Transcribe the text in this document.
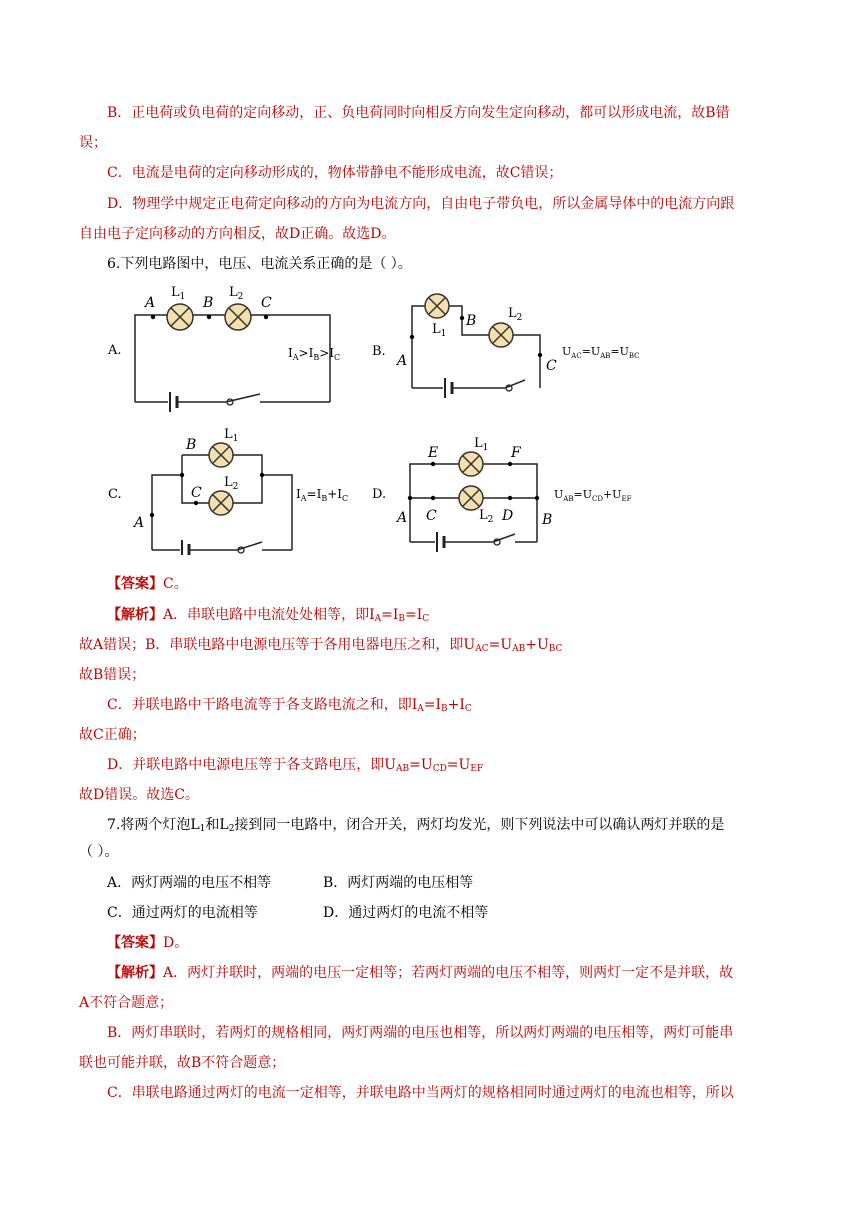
B．正电荷或负电荷的定向移动，正、负电荷同时向相反方向发生定向移动，都可以形成电流，故B错
误；
C．电流是电荷的定向移动形成的，物体带静电不能形成电流，故C错误；
D．物理学中规定正电荷定向移动的方向为电流方向，自由电子带负电，所以金属导体中的电流方向跟
自由电子定向移动的方向相反，故D正确。故选D。
6.下列电路图中，电压、电流关系正确的是（ ）。
A	B	C
$L_1$	$L_2$
A.	$I_A>I_B>I_C$
B
A	C
$L_1$
$L_2$
B.	$U_{AC}=U_{AB}=U_{BC}$
B
C
A
$L_1$
$L_2$
C.	$I_A=I_B+I_C$
E	F
A C	D B
$L_1$
$L_2$
D.	$U_{AB}=U_{CD}+U_{EF}$
【答案】C。
【解析】A．串联电路中电流处处相等，即$I_A=I_B=I_C$
故A错误；B．串联电路中电源电压等于各用电器电压之和，即$U_{AC}=U_{AB}+U_{BC}$
故B错误；
C．并联电路中干路电流等于各支路电流之和，即$I_A=I_B+I_C$
故C正确；
D．并联电路中电源电压等于各支路电压，即$U_{AB}=U_{CD}=U_{EF}$
故D错误。故选C。
7.将两个灯泡$L_1$和$L_2$接到同一电路中，闭合开关，两灯均发光，则下列说法中可以确认两灯并联的是
（ ）。
A．两灯两端的电压不相等	B．两灯两端的电压相等
C．通过两灯的电流相等	D．通过两灯的电流不相等
【答案】D。
【解析】A．两灯并联时，两端的电压一定相等；若两灯两端的电压不相等，则两灯一定不是并联，故
A不符合题意；
B．两灯串联时，若两灯的规格相同，两灯两端的电压也相等，所以两灯两端的电压相等，两灯可能串
联也可能并联，故B不符合题意；
C．串联电路通过两灯的电流一定相等，并联电路中当两灯的规格相同时通过两灯的电流也相等，所以
